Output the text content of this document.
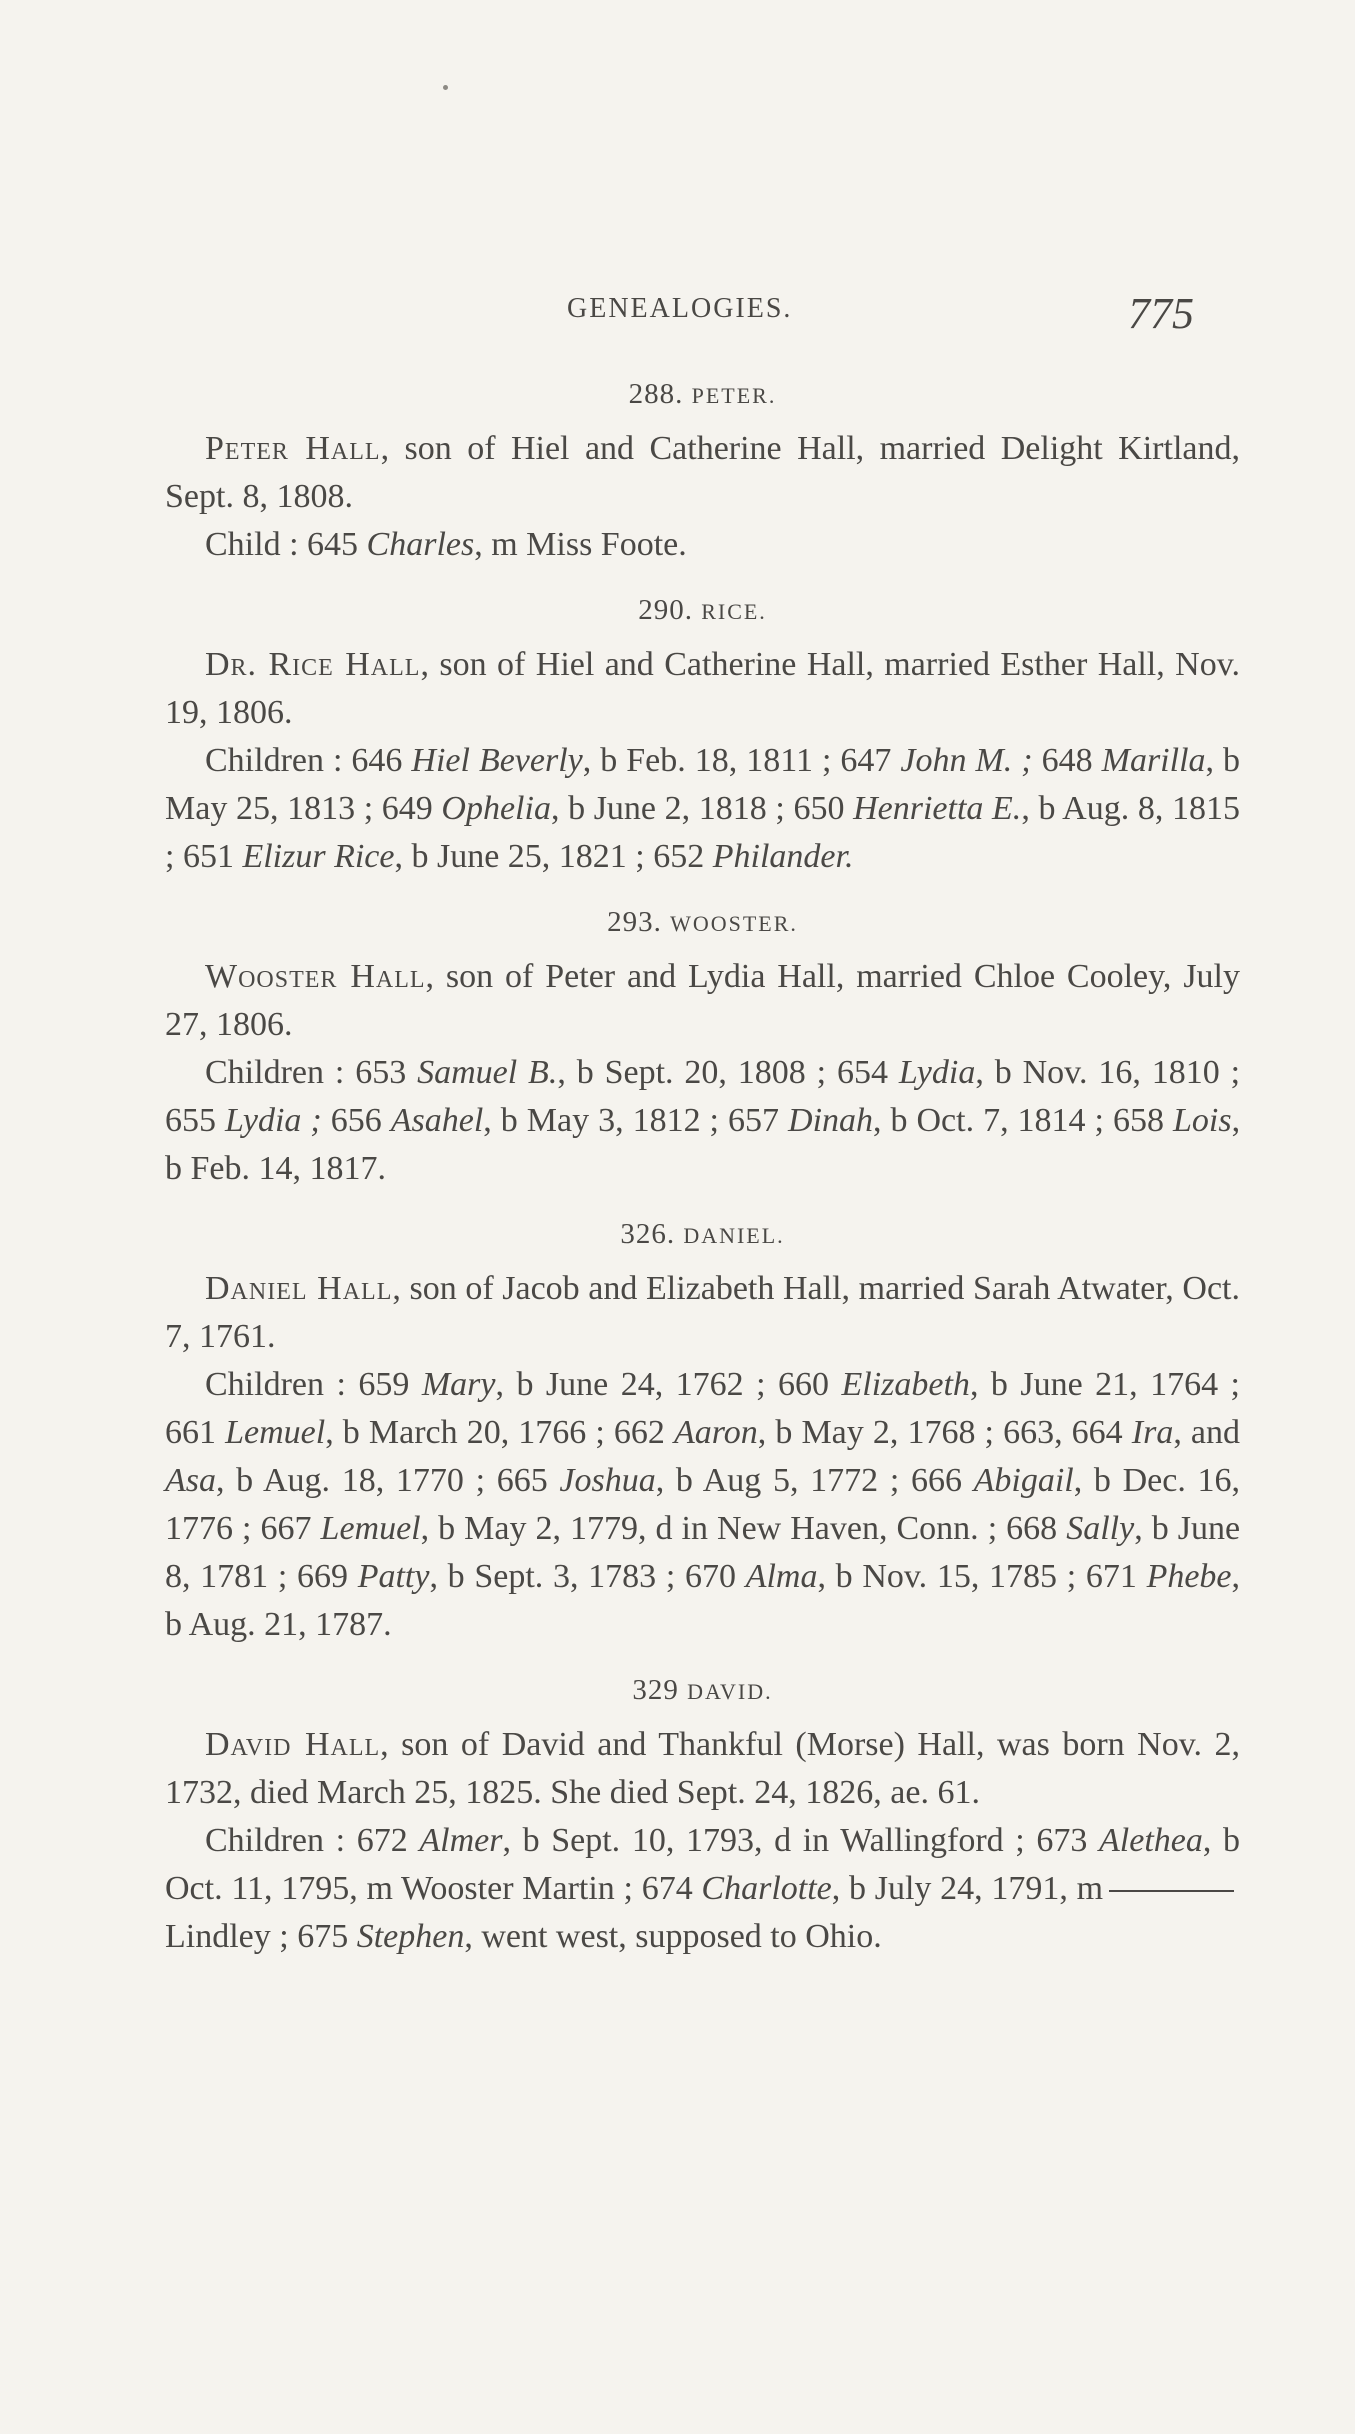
GENEALOGIES.	775

288. PETER.

Peter Hall, son of Hiel and Catherine Hall, married Delight Kirtland, Sept. 8, 1808.

Child : 645 Charles, m Miss Foote.

290. RICE.

Dr. Rice Hall, son of Hiel and Catherine Hall, married Esther Hall, Nov. 19, 1806.

Children : 646 Hiel Beverly, b Feb. 18, 1811 ; 647 John M. ; 648 Marilla, b May 25, 1813 ; 649 Ophelia, b June 2, 1818 ; 650 Henrietta E., b Aug. 8, 1815 ; 651 Elizur Rice, b June 25, 1821 ; 652 Philander.

293. WOOSTER.

Wooster Hall, son of Peter and Lydia Hall, married Chloe Cooley, July 27, 1806.

Children : 653 Samuel B., b Sept. 20, 1808 ; 654 Lydia, b Nov. 16, 1810 ; 655 Lydia ; 656 Asahel, b May 3, 1812 ; 657 Dinah, b Oct. 7, 1814 ; 658 Lois, b Feb. 14, 1817.

326. DANIEL.

Daniel Hall, son of Jacob and Elizabeth Hall, married Sarah Atwater, Oct. 7, 1761.

Children : 659 Mary, b June 24, 1762 ; 660 Elizabeth, b June 21, 1764 ; 661 Lemuel, b March 20, 1766 ; 662 Aaron, b May 2, 1768 ; 663, 664 Ira, and Asa, b Aug. 18, 1770 ; 665 Joshua, b Aug 5, 1772 ; 666 Abigail, b Dec. 16, 1776 ; 667 Lemuel, b May 2, 1779, d in New Haven, Conn. ; 668 Sally, b June 8, 1781 ; 669 Patty, b Sept. 3, 1783 ; 670 Alma, b Nov. 15, 1785 ; 671 Phebe, b Aug. 21, 1787.

329 DAVID.

David Hall, son of David and Thankful (Morse) Hall, was born Nov. 2, 1732, died March 25, 1825. She died Sept. 24, 1826, ae. 61.

Children : 672 Almer, b Sept. 10, 1793, d in Wallingford ; 673 Alethea, b Oct. 11, 1795, m Wooster Martin ; 674 Charlotte, b July 24, 1791, mLindley ; 675 Stephen, went west, supposed to Ohio.
